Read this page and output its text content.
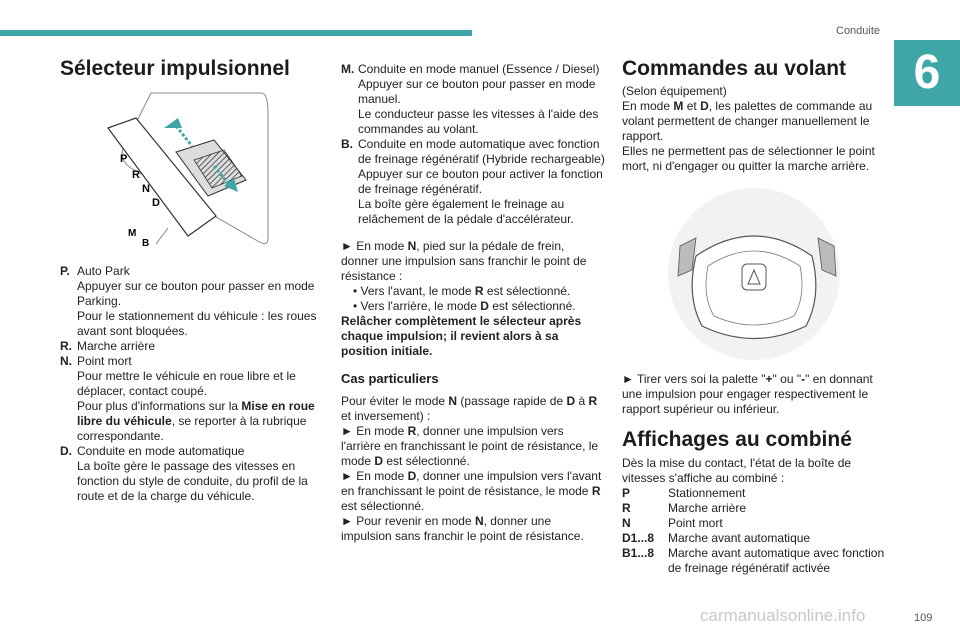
Conduite
6
Sélecteur impulsionnel
P
R
N
D
M
B
P. Auto Park

Appuyer sur ce bouton pour passer en mode Parking.

Pour le stationnement du véhicule : les roues avant sont bloquées.

R. Marche arrière

N. Point mort

Pour mettre le véhicule en roue libre et le déplacer, contact coupé.

Pour plus d'informations sur la Mise en roue libre du véhicule, se reporter à la rubrique correspondante.

D. Conduite en mode automatique

La boîte gère le passage des vitesses en fonction du style de conduite, du profil de la route et de la charge du véhicule.

M. Conduite en mode manuel (Essence / Diesel)

Appuyer sur ce bouton pour passer en mode manuel.

Le conducteur passe les vitesses à l'aide des commandes au volant.

B. Conduite en mode automatique avec fonction de freinage régénératif (Hybride rechargeable)

Appuyer sur ce bouton pour activer la fonction de freinage régénératif.

La boîte gère également le freinage au relâchement de la pédale d'accélérateur.

► En mode N, pied sur la pédale de frein, donner une impulsion sans franchir le point de résistance :

• Vers l'avant, le mode R est sélectionné.

• Vers l'arrière, le mode D est sélectionné.

Relâcher complètement le sélecteur après chaque impulsion; il revient alors à sa position initiale.

Cas particuliers

Pour éviter le mode N (passage rapide de D à R et inversement) :

► En mode R, donner une impulsion vers l'arrière en franchissant le point de résistance, le mode D est sélectionné.

► En mode D, donner une impulsion vers l'avant en franchissant le point de résistance, le mode R est sélectionné.

► Pour revenir en mode N, donner une impulsion sans franchir le point de résistance.

Commandes au volant

(Selon équipement)

En mode M et D, les palettes de commande au volant permettent de changer manuellement le rapport.

Elles ne permettent pas de sélectionner le point mort, ni d'engager ou quitter la marche arrière.

► Tirer vers soi la palette "+" ou "-" en donnant une impulsion pour engager respectivement le rapport supérieur ou inférieur.

Affichages au combiné

Dès la mise du contact, l'état de la boîte de vitesses s'affiche au combiné :

P	Stationnement
R	Marche arrière
N	Point mort
D1...8	Marche avant automatique
B1...8	Marche avant automatique avec fonction de freinage régénératif activée
carmanualsonline.info	109
